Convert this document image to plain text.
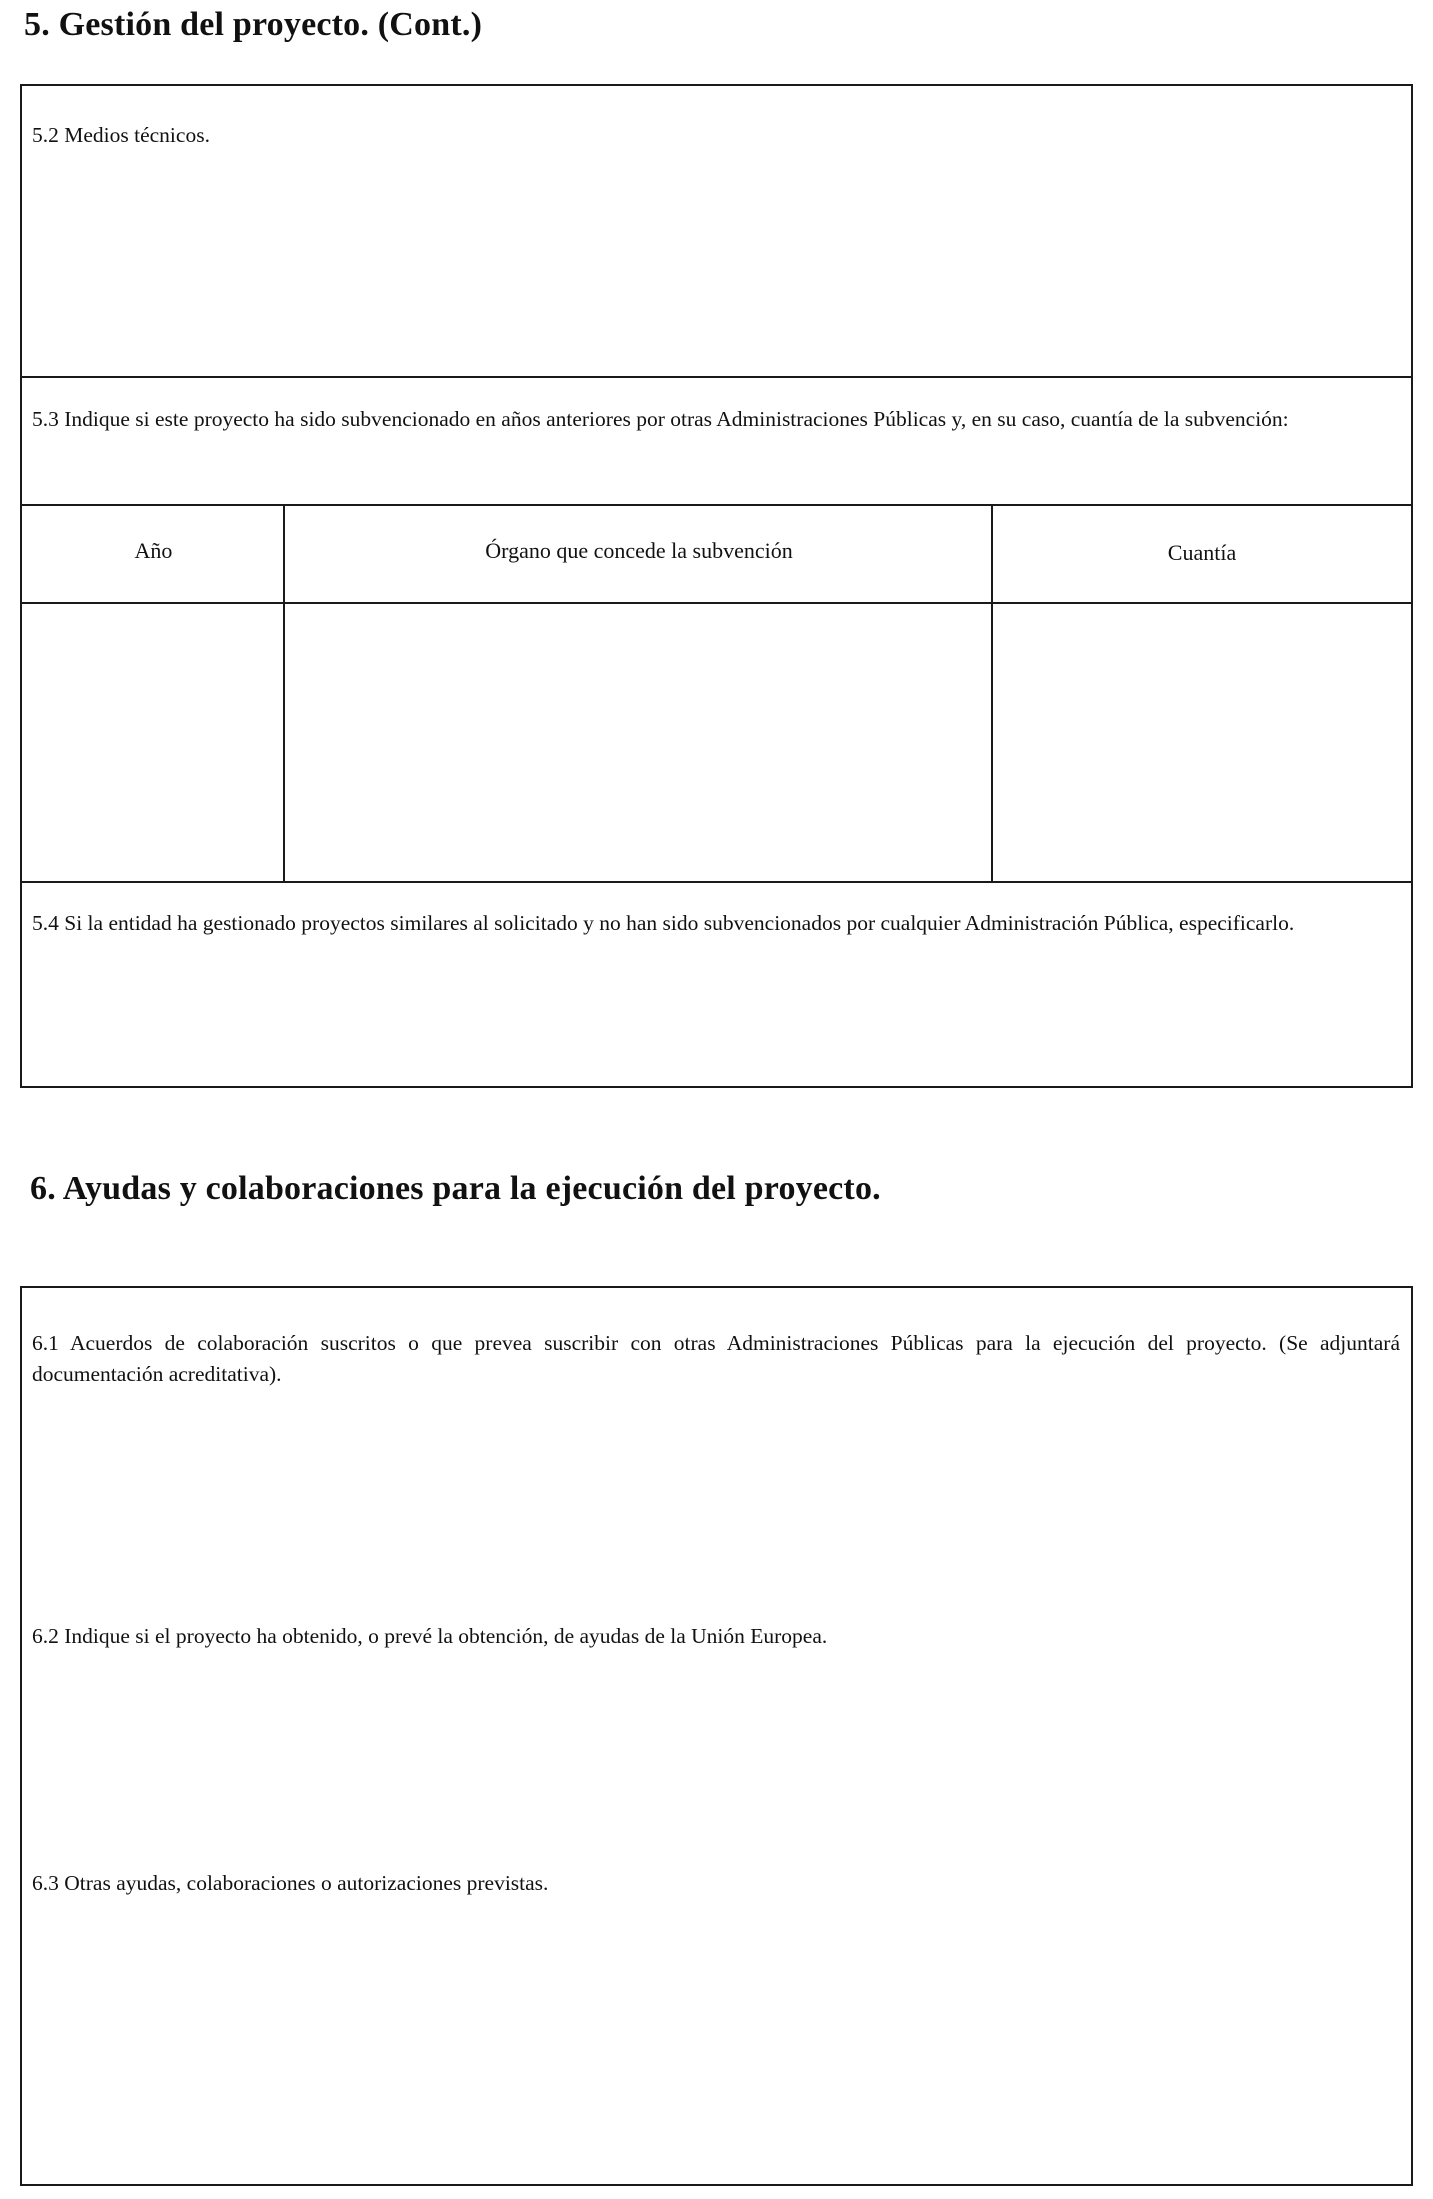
5. Gestión del proyecto. (Cont.)
5.2 Medios técnicos.
5.3 Indique si este proyecto ha sido subvencionado en años anteriores por otras Administraciones Públicas y, en su caso, cuantía de la subvención:
Año	Órgano que concede la subvención	Cuantía
5.4 Si la entidad ha gestionado proyectos similares al solicitado y no han sido subvencionados por cualquier Administración Pública, especificarlo.
6. Ayudas y colaboraciones para la ejecución del proyecto.
6.1 Acuerdos de colaboración suscritos o que prevea suscribir con otras Administraciones Públicas para la ejecución del proyecto. (Se adjuntará documentación acreditativa).
6.2 Indique si el proyecto ha obtenido, o prevé la obtención, de ayudas de la Unión Europea.
6.3 Otras ayudas, colaboraciones o autorizaciones previstas.
